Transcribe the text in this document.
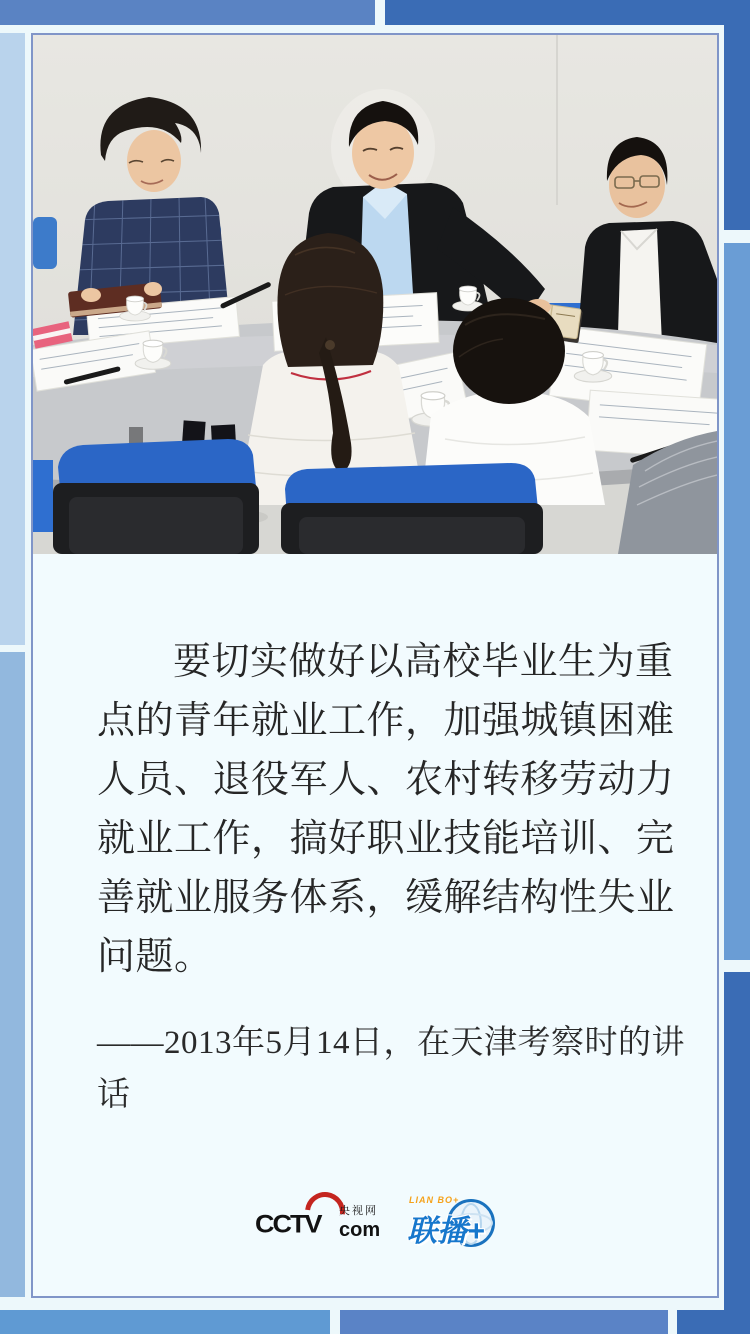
要切实做好以高校毕业生为重
点的青年就业工作，加强城镇困难
人员、退役军人、农村转移劳动力
就业工作，搞好职业技能培训、完
善就业服务体系，缓解结构性失业
问题。
——2013年5月14日，在天津考察时的讲
话
CCTV 央视网
com
LIAN BO+
联播+
